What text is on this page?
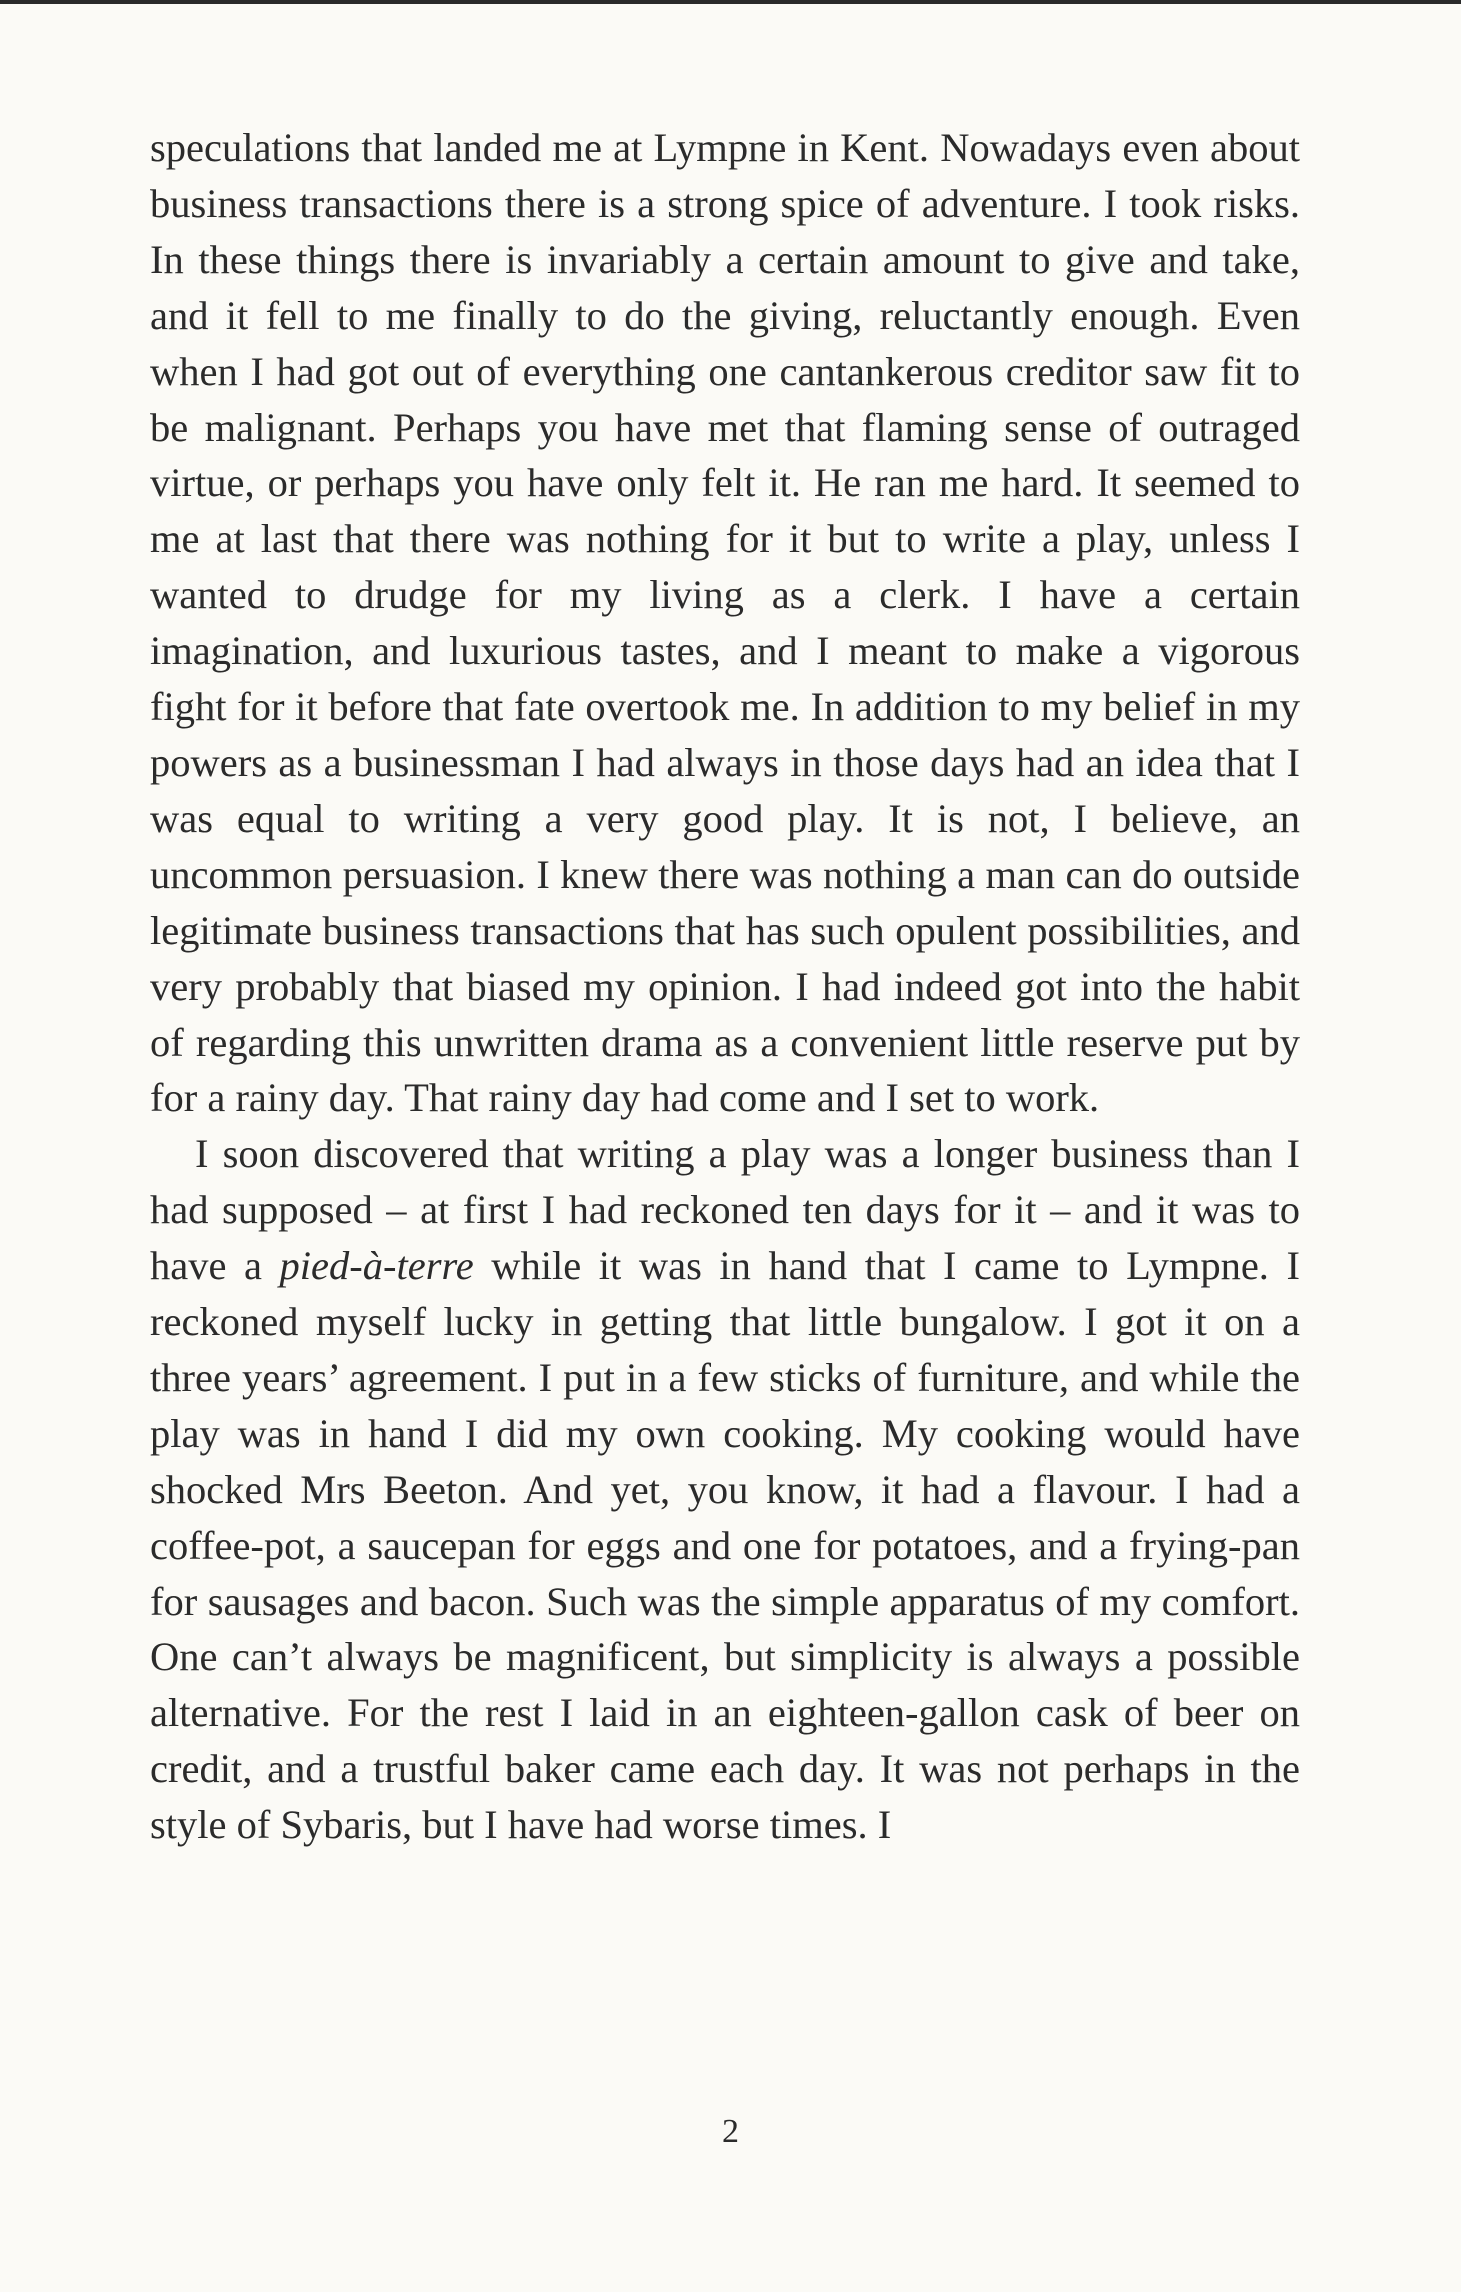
speculations that landed me at Lympne in Kent. Nowadays even about business transactions there is a strong spice of adventure. I took risks. In these things there is invariably a certain amount to give and take, and it fell to me finally to do the giving, reluctantly enough. Even when I had got out of everything one cantankerous creditor saw fit to be malignant. Perhaps you have met that flaming sense of outraged virtue, or perhaps you have only felt it. He ran me hard. It seemed to me at last that there was nothing for it but to write a play, unless I wanted to drudge for my living as a clerk. I have a certain imagination, and luxurious tastes, and I meant to make a vigorous fight for it before that fate overtook me. In addition to my belief in my powers as a businessman I had always in those days had an idea that I was equal to writing a very good play. It is not, I believe, an uncommon persuasion. I knew there was nothing a man can do outside legitimate business transactions that has such opulent possibilities, and very probably that biased my opinion. I had indeed got into the habit of regarding this unwritten drama as a convenient little reserve put by for a rainy day. That rainy day had come and I set to work.

I soon discovered that writing a play was a longer business than I had supposed – at first I had reckoned ten days for it – and it was to have a pied-à-terre while it was in hand that I came to Lympne. I reckoned myself lucky in getting that little bungalow. I got it on a three years’ agreement. I put in a few sticks of furniture, and while the play was in hand I did my own cooking. My cooking would have shocked Mrs Beeton. And yet, you know, it had a flavour. I had a coffee-pot, a saucepan for eggs and one for potatoes, and a frying-pan for sausages and bacon. Such was the simple apparatus of my comfort. One can’t always be magnificent, but simplicity is always a possible alternative. For the rest I laid in an eighteen-gallon cask of beer on credit, and a trustful baker came each day. It was not perhaps in the style of Sybaris, but I have had worse times. I

2
